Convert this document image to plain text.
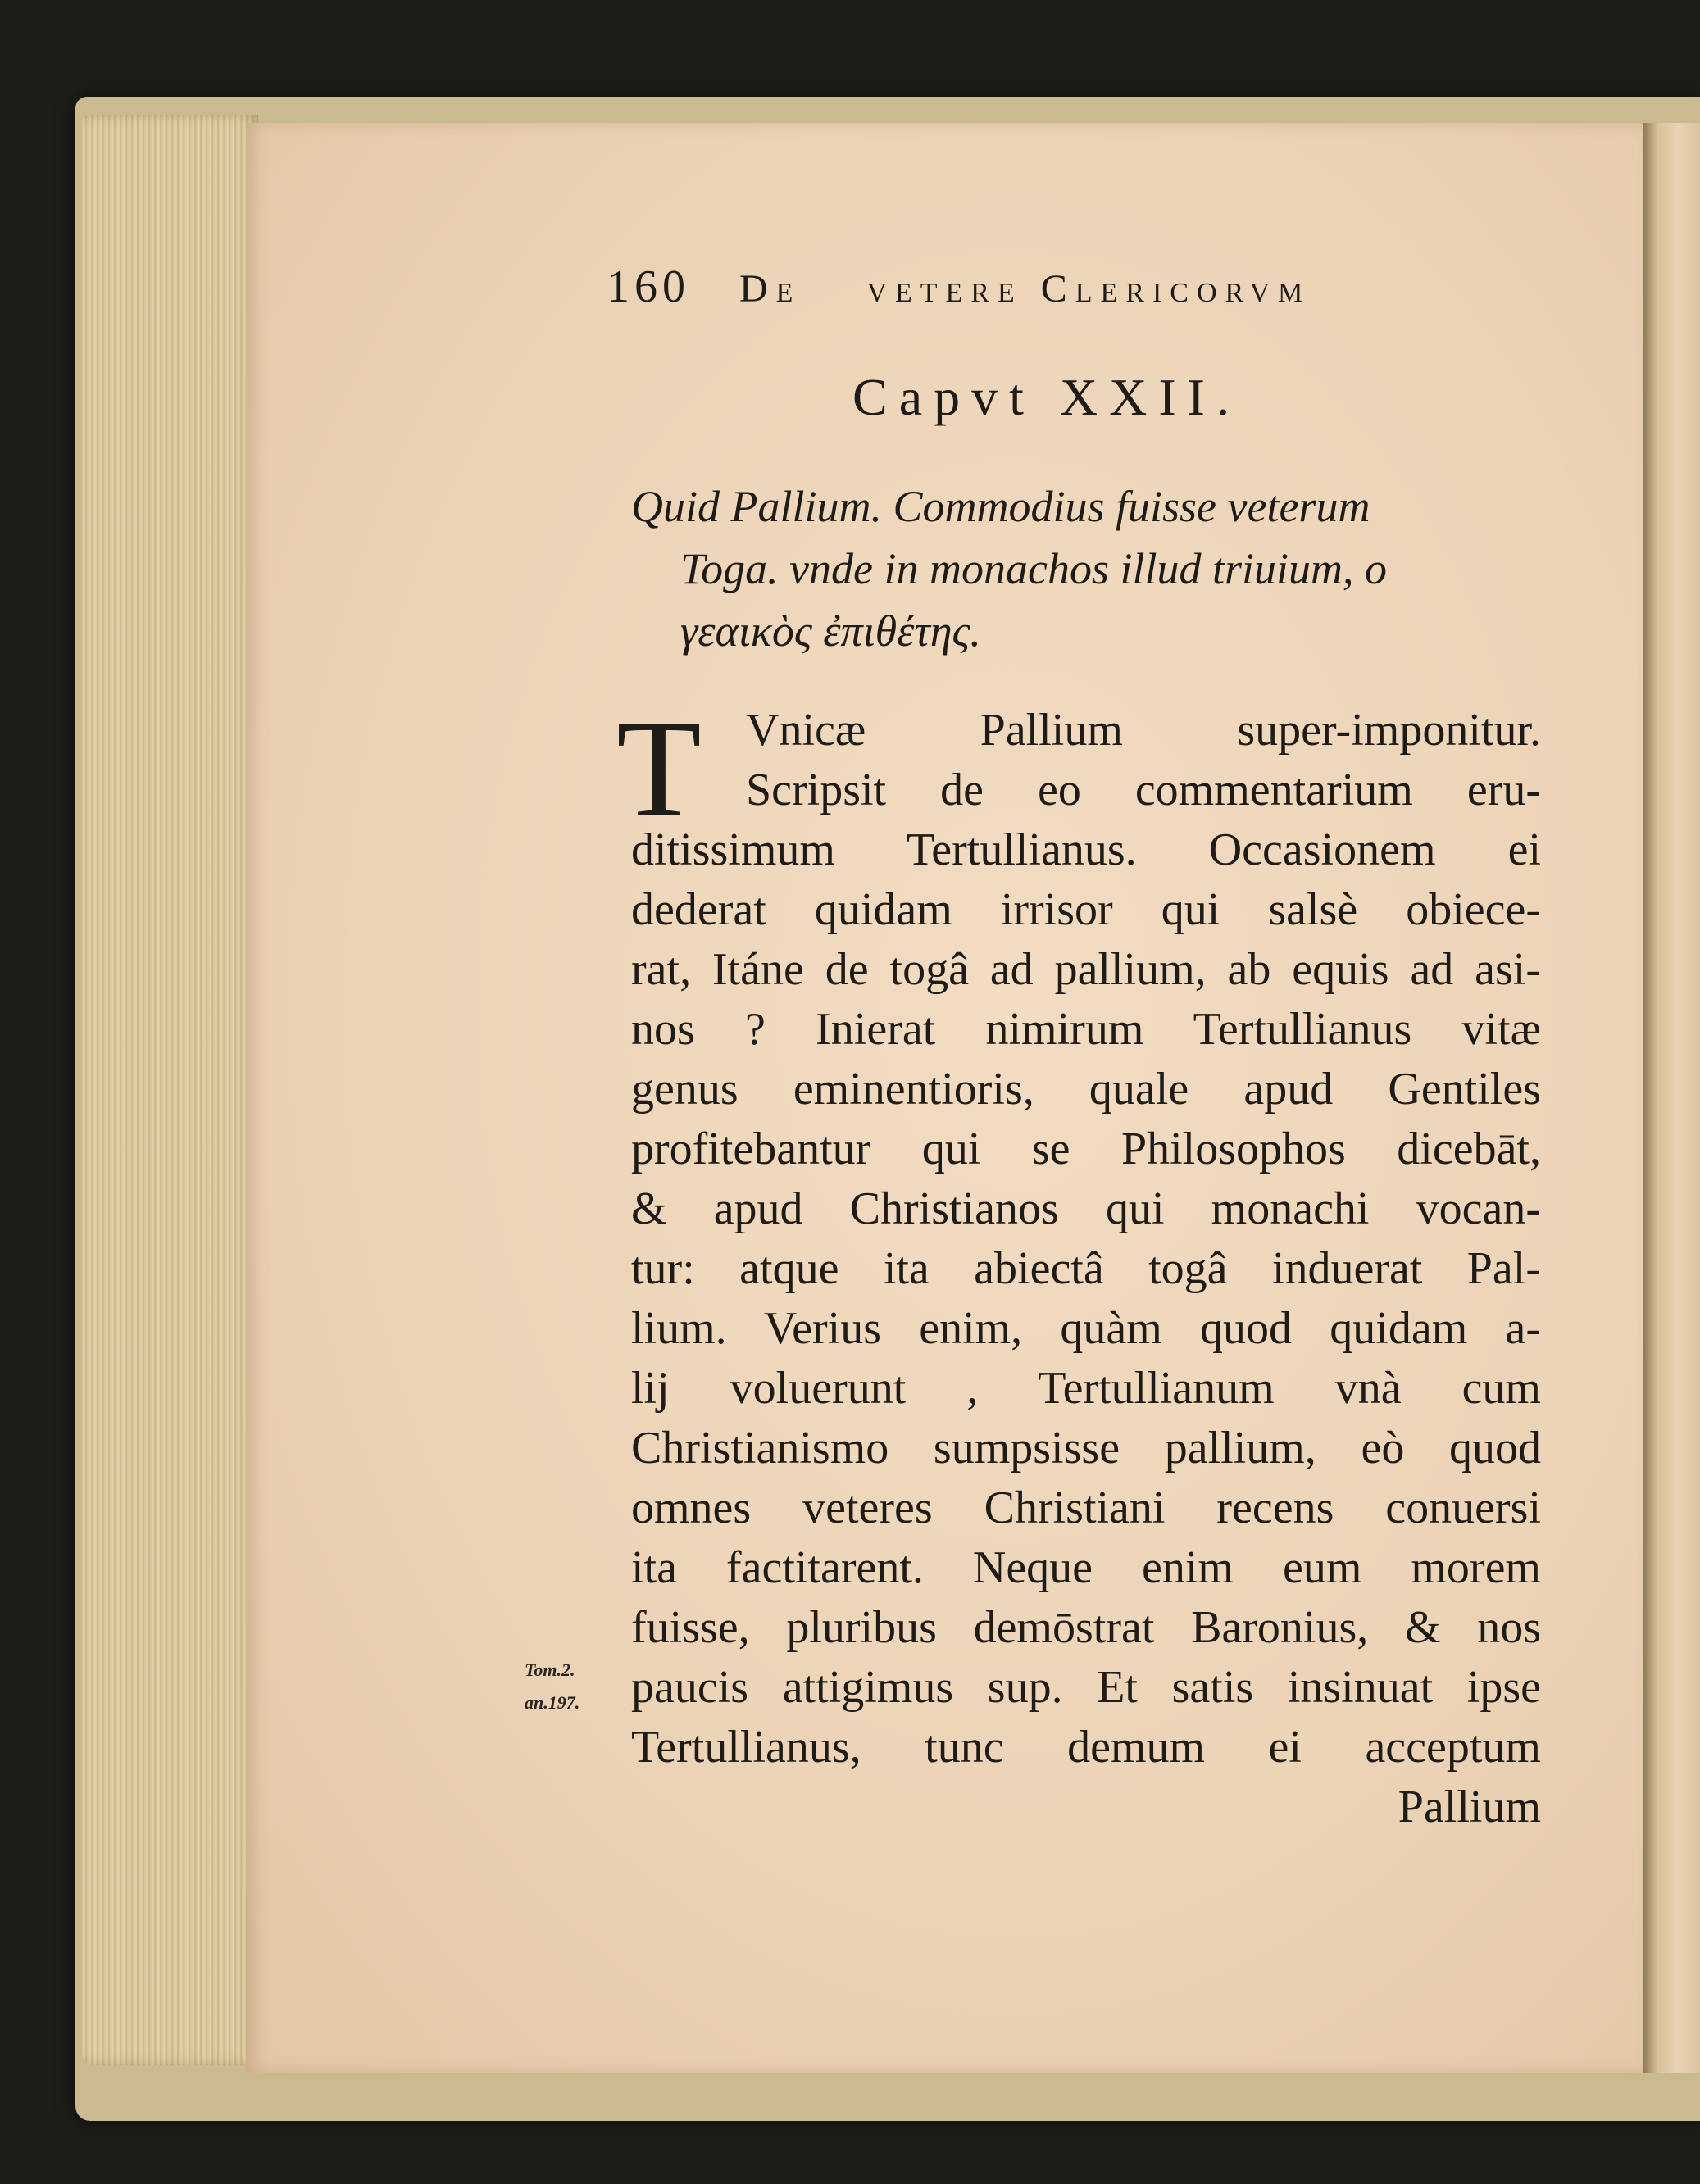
160 De vetere Clericorvm
Capvt XXII.
Quid Pallium. Commodius fuisse veterum
Toga. vnde in monachos illud triuium, o
γεαικὸς ἐπιθέτης.
T Vnicæ Pallium super-imponitur.
Scripsit de eo commentarium eru-
ditissimum Tertullianus. Occasionem ei
dederat quidam irrisor qui salsè obiece-
rat, Itáne de togâ ad pallium, ab equis ad asi-
nos ? Inierat nimirum Tertullianus vitæ
genus eminentioris, quale apud Gentiles
profitebantur qui se Philosophos dicebāt,
& apud Christianos qui monachi vocan-
tur: atque ita abiectâ togâ induerat Pal-
lium. Verius enim, quàm quod quidam a-
lij voluerunt , Tertullianum vnà cum
Christianismo sumpsisse pallium, eò quod
omnes veteres Christiani recens conuersi
ita factitarent. Neque enim eum morem
fuisse, pluribus demōstrat Baronius, & nos
paucis attigimus sup. Et satis insinuat ipse
Tertullianus, tunc demum ei acceptum
Pallium
Tom.2.
an.197.
